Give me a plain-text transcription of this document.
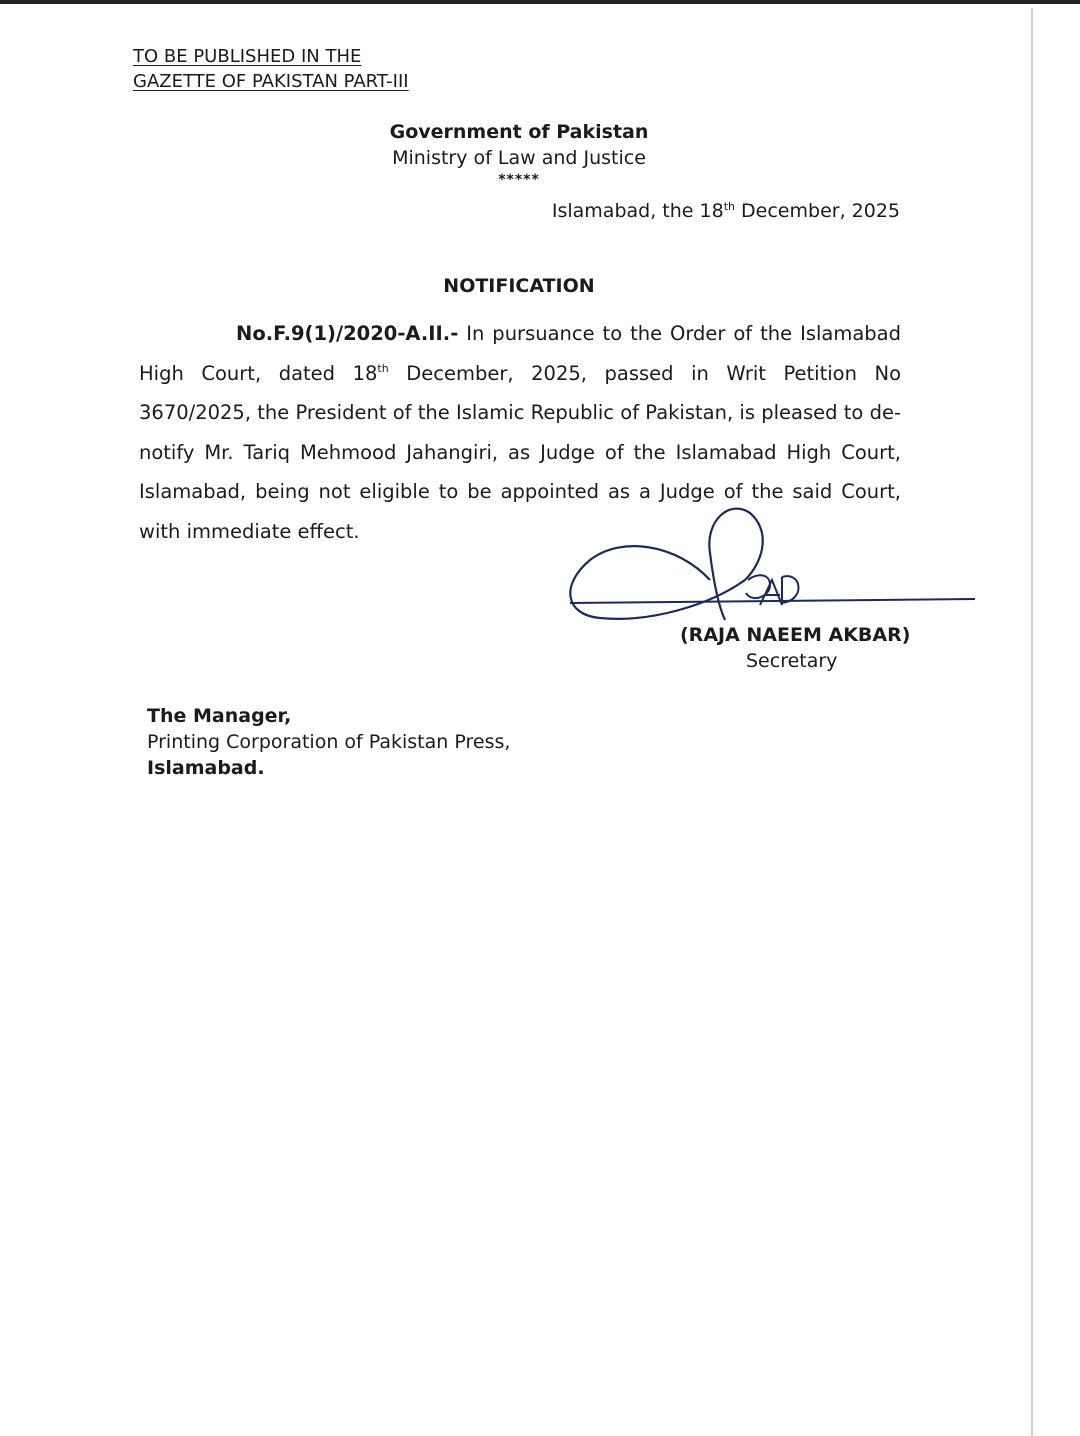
TO BE PUBLISHED IN THE
GAZETTE OF PAKISTAN PART-III
Government of Pakistan
Ministry of Law and Justice
*****
Islamabad, the 18th December, 2025
NOTIFICATION
No.F.9(1)/2020-A.II.- In pursuance to the Order of the Islamabad High Court, dated 18th December, 2025, passed in Writ Petition No 3670/2025, the President of the Islamic Republic of Pakistan, is pleased to de-notify Mr. Tariq Mehmood Jahangiri, as Judge of the Islamabad High Court, Islamabad, being not eligible to be appointed as a Judge of the said Court, with immediate effect.
(RAJA NAEEM AKBAR)
Secretary
The Manager,
Printing Corporation of Pakistan Press,
Islamabad.
